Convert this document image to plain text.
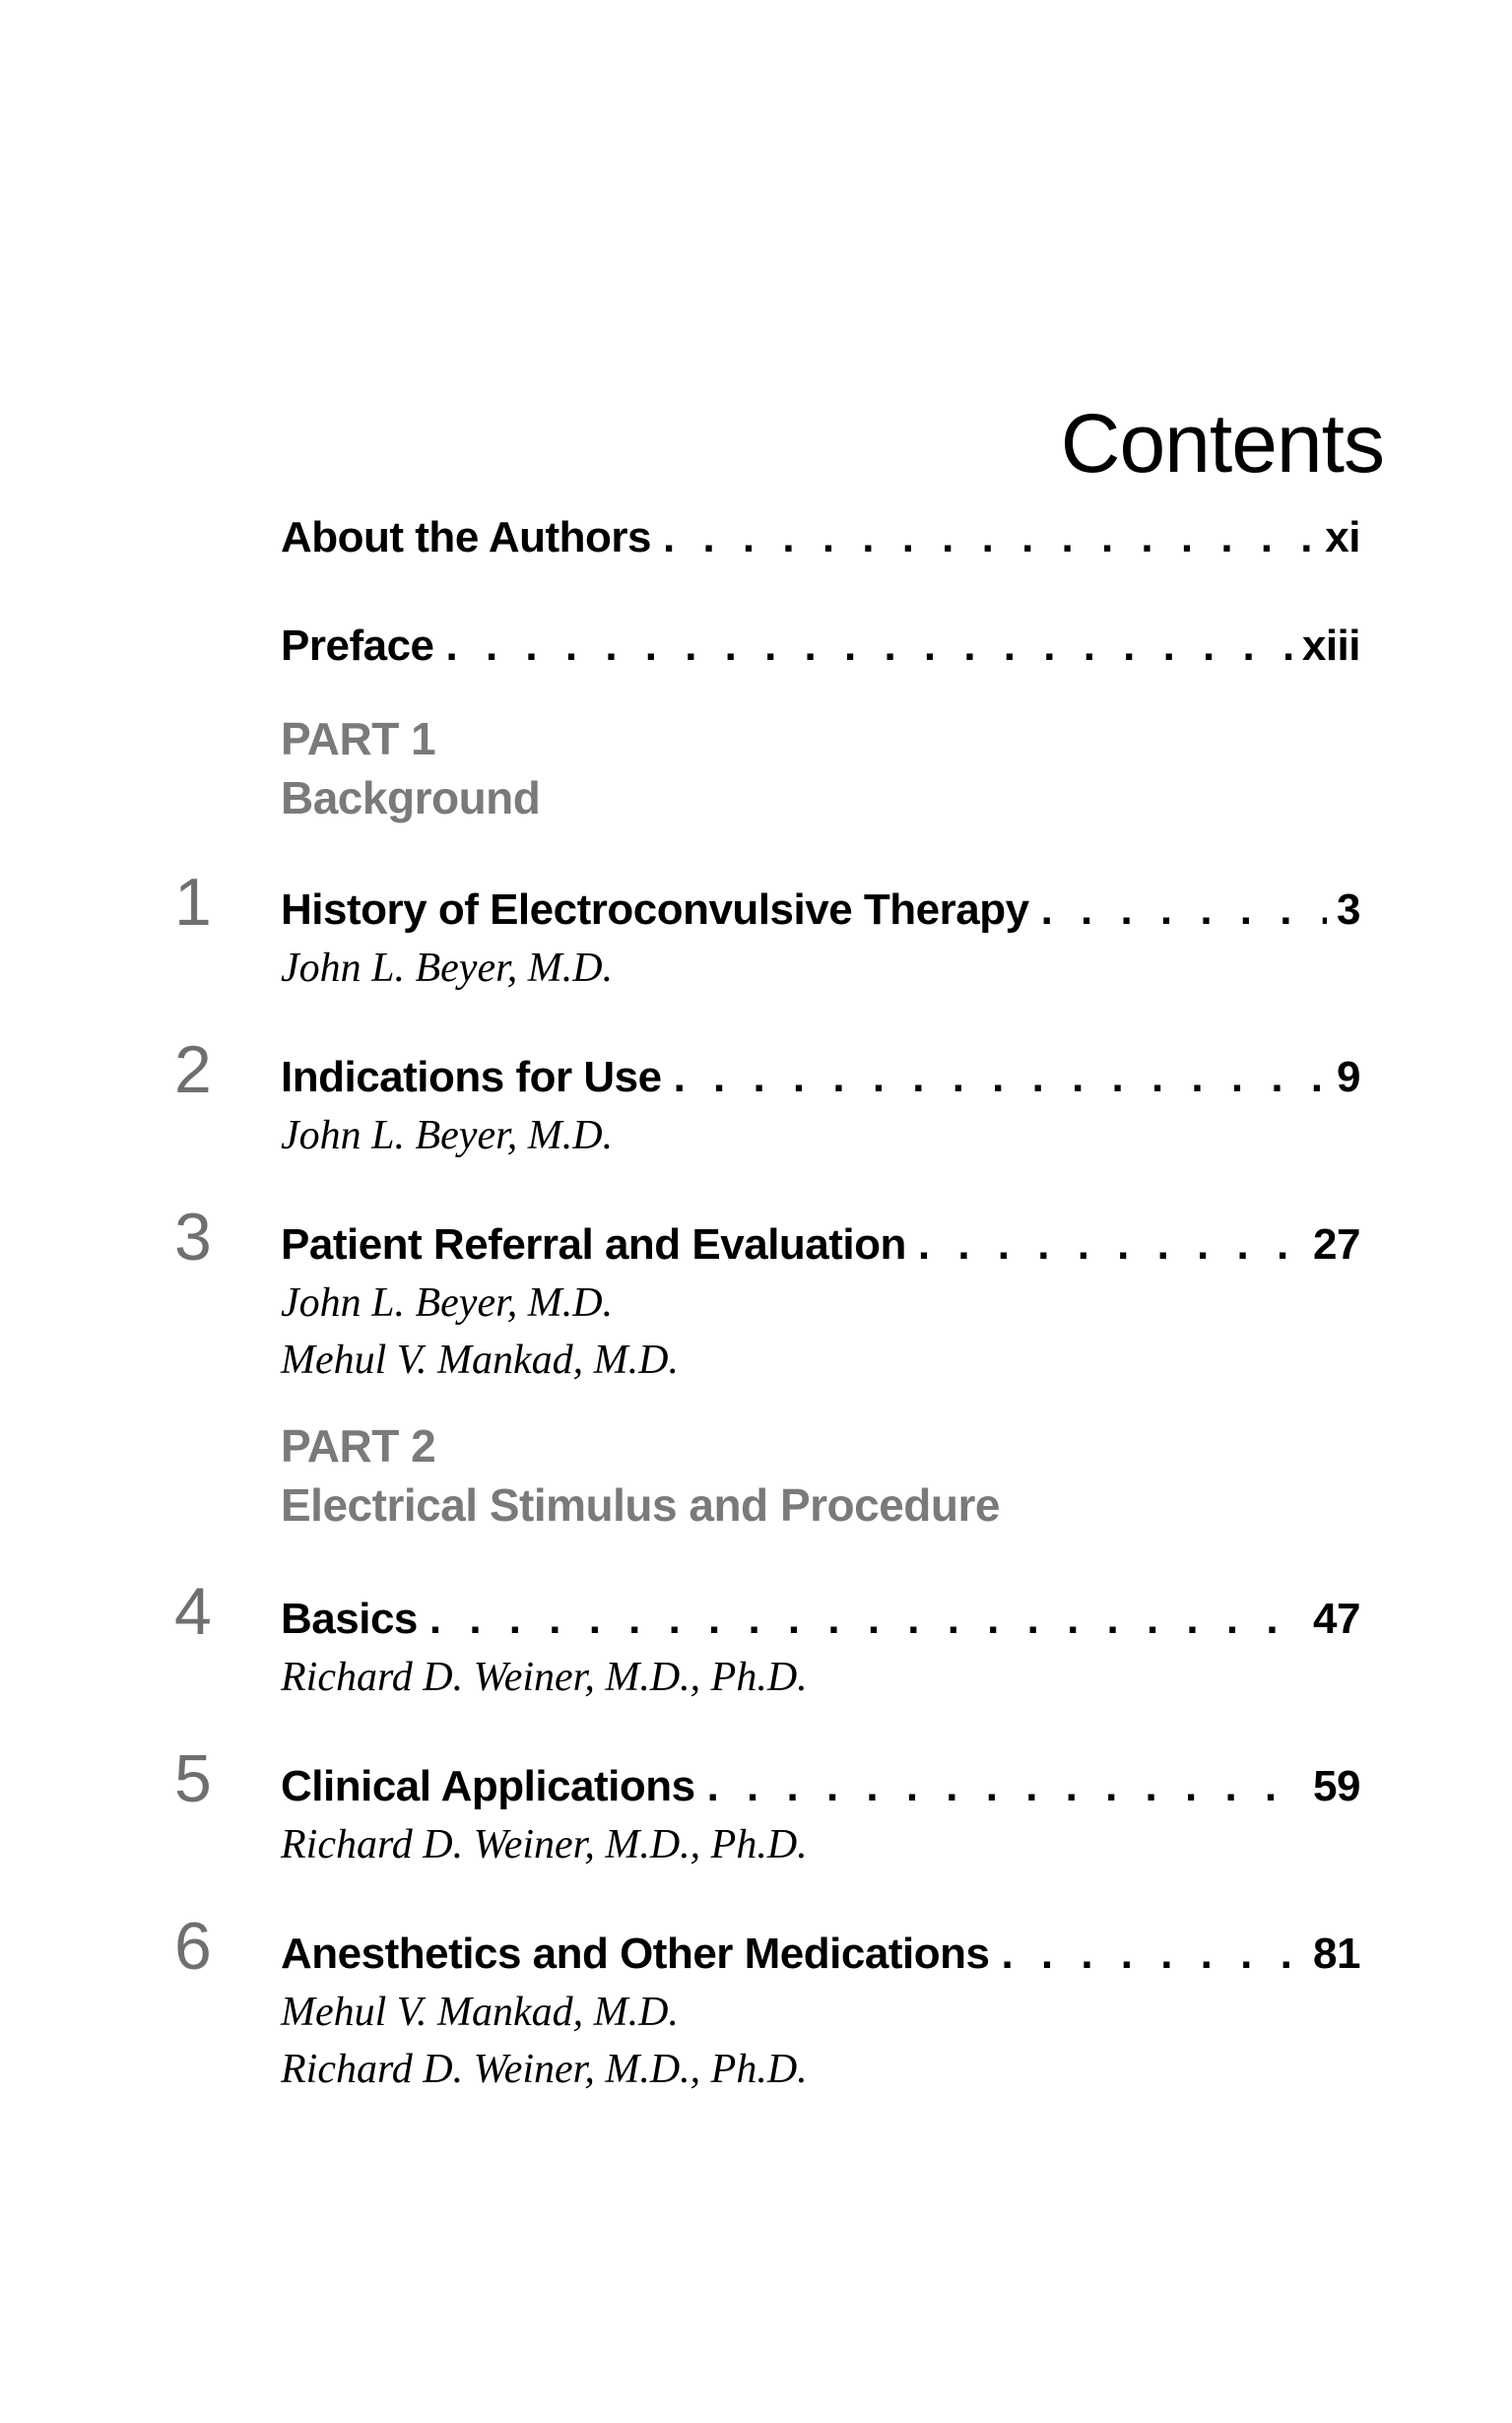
Contents
About the Authors . . .	xi
Preface . . .	xiii
PART 1
Background
1 History of Electroconvulsive Therapy . . .	3
John L. Beyer, M.D.
2 Indications for Use . . .	9
John L. Beyer, M.D.
3 Patient Referral and Evaluation . . .	27
John L. Beyer, M.D.
Mehul V. Mankad, M.D.
PART 2
Electrical Stimulus and Procedure
4 Basics . . .	47
Richard D. Weiner, M.D., Ph.D.
5 Clinical Applications . . .	59
Richard D. Weiner, M.D., Ph.D.
6 Anesthetics and Other Medications . . .	81
Mehul V. Mankad, M.D.
Richard D. Weiner, M.D., Ph.D.
